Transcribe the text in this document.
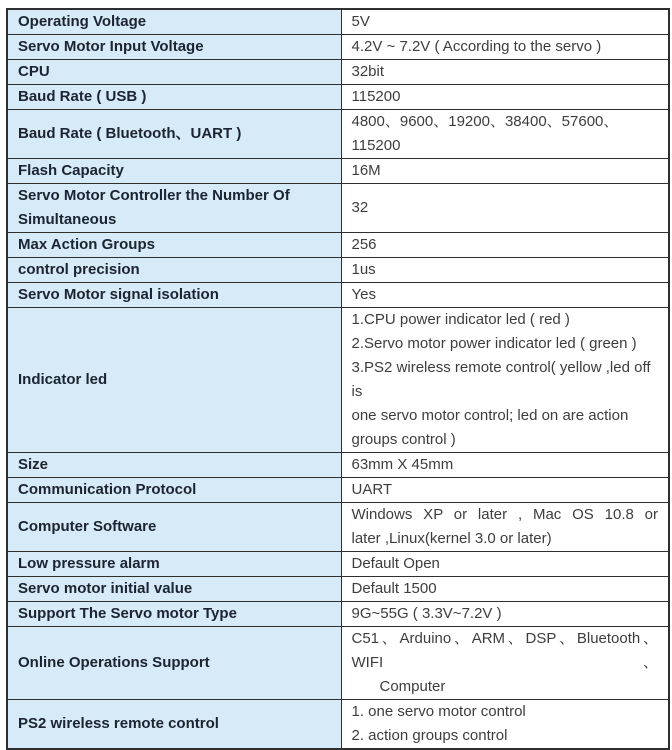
Operating Voltage	5V

Servo Motor Input Voltage	4.2V ~ 7.2V ( According to the servo )

CPU	32bit

Baud Rate ( USB )	115200

Baud Rate ( Bluetooth、UART )	4800、9600、19200、38400、57600、115200

Flash Capacity	16M

Servo Motor Controller the Number Of Simultaneous	32

Max Action Groups	256

control precision	1us

Servo Motor signal isolation	Yes

Indicator led	1.CPU power indicator led ( red )
2.Servo motor power indicator led ( green )
3.PS2 wireless remote control( yellow ,led off is
one servo motor control; led on are action
groups control )

Size	63mm X 45mm

Communication Protocol	UART

Computer Software	Windows XP or later , Mac OS 10.8 or
later ,Linux(kernel 3.0 or later)

Low pressure alarm	Default Open

Servo motor initial value	Default 1500

Support The Servo motor Type	9G~55G ( 3.3V~7.2V )

Online Operations Support	C51、Arduino、ARM、DSP、Bluetooth、WIFI、
Computer

PS2 wireless remote control	1. one servo motor control
2. action groups control
